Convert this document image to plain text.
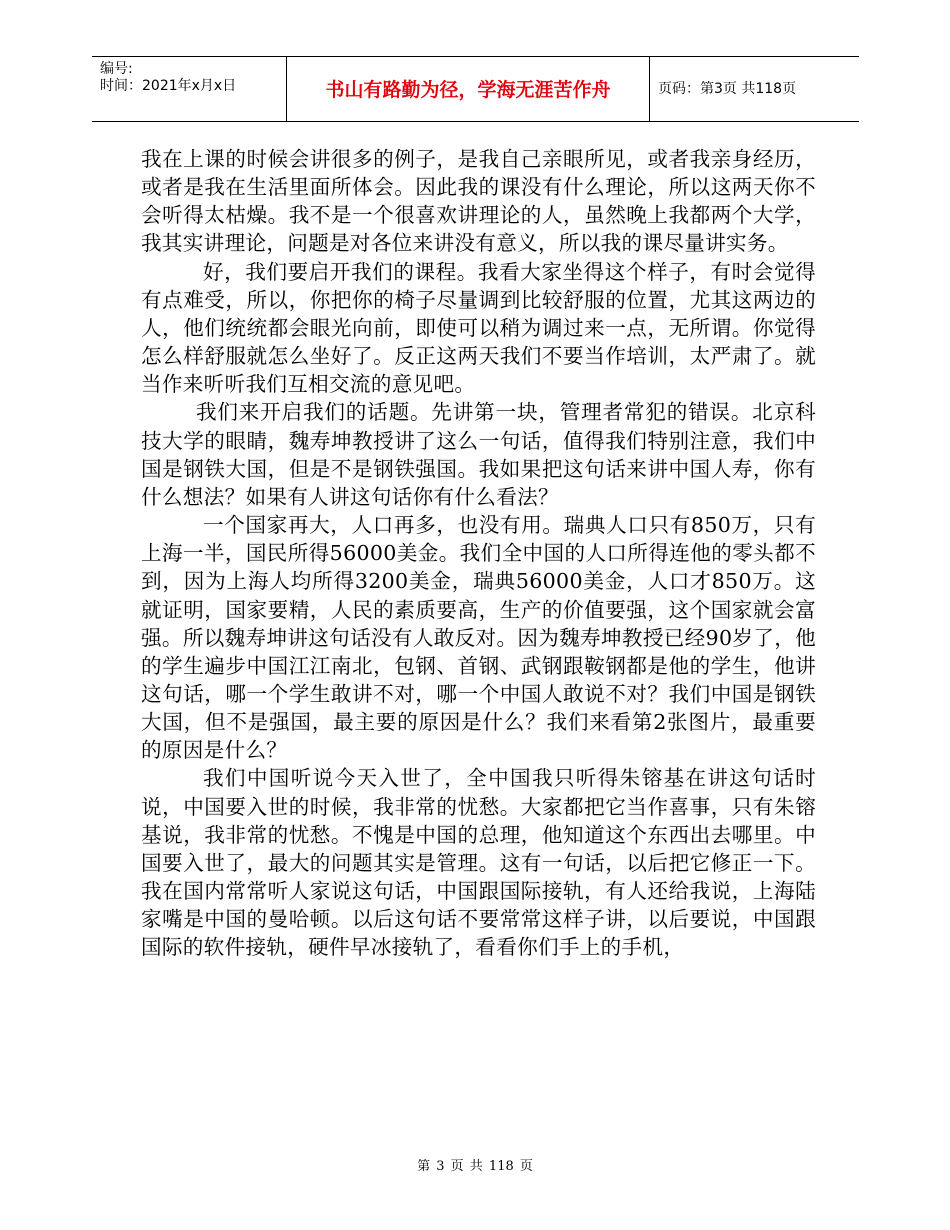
编号:
时间：2021年x月x日	书山有路勤为径，学海无涯苦作舟	页码：第3页 共118页

我在上课的时候会讲很多的例子，是我自己亲眼所见，或者我亲身经历，或者是我在生活里面所体会。因此我的课没有什么理论，所以这两天你不会听得太枯燥。我不是一个很喜欢讲理论的人，虽然晚上我都两个大学，我其实讲理论，问题是对各位来讲没有意义，所以我的课尽量讲实务。

好，我们要启开我们的课程。我看大家坐得这个样子，有时会觉得有点难受，所以，你把你的椅子尽量调到比较舒服的位置，尤其这两边的人，他们统统都会眼光向前，即使可以稍为调过来一点，无所谓。你觉得怎么样舒服就怎么坐好了。反正这两天我们不要当作培训，太严肃了。就当作来听听我们互相交流的意见吧。

我们来开启我们的话题。先讲第一块，管理者常犯的错误。北京科技大学的眼睛，魏寿坤教授讲了这么一句话，值得我们特别注意，我们中国是钢铁大国，但是不是钢铁强国。我如果把这句话来讲中国人寿，你有什么想法？如果有人讲这句话你有什么看法？

一个国家再大，人口再多，也没有用。瑞典人口只有850万，只有上海一半，国民所得56000美金。我们全中国的人口所得连他的零头都不到，因为上海人均所得3200美金，瑞典56000美金，人口才850万。这就证明，国家要精，人民的素质要高，生产的价值要强，这个国家就会富强。所以魏寿坤讲这句话没有人敢反对。因为魏寿坤教授已经90岁了，他的学生遍步中国江江南北，包钢、首钢、武钢跟鞍钢都是他的学生，他讲这句话，哪一个学生敢讲不对，哪一个中国人敢说不对？我们中国是钢铁大国，但不是强国，最主要的原因是什么？我们来看第2张图片，最重要的原因是什么？

我们中国听说今天入世了，全中国我只听得朱镕基在讲这句话时说，中国要入世的时候，我非常的忧愁。大家都把它当作喜事，只有朱镕基说，我非常的忧愁。不愧是中国的总理，他知道这个东西出去哪里。中国要入世了，最大的问题其实是管理。这有一句话，以后把它修正一下。我在国内常常听人家说这句话，中国跟国际接轨，有人还给我说，上海陆家嘴是中国的曼哈顿。以后这句话不要常常这样子讲，以后要说，中国跟国际的软件接轨，硬件早冰接轨了，看看你们手上的手机，

第 3 页 共 118 页
